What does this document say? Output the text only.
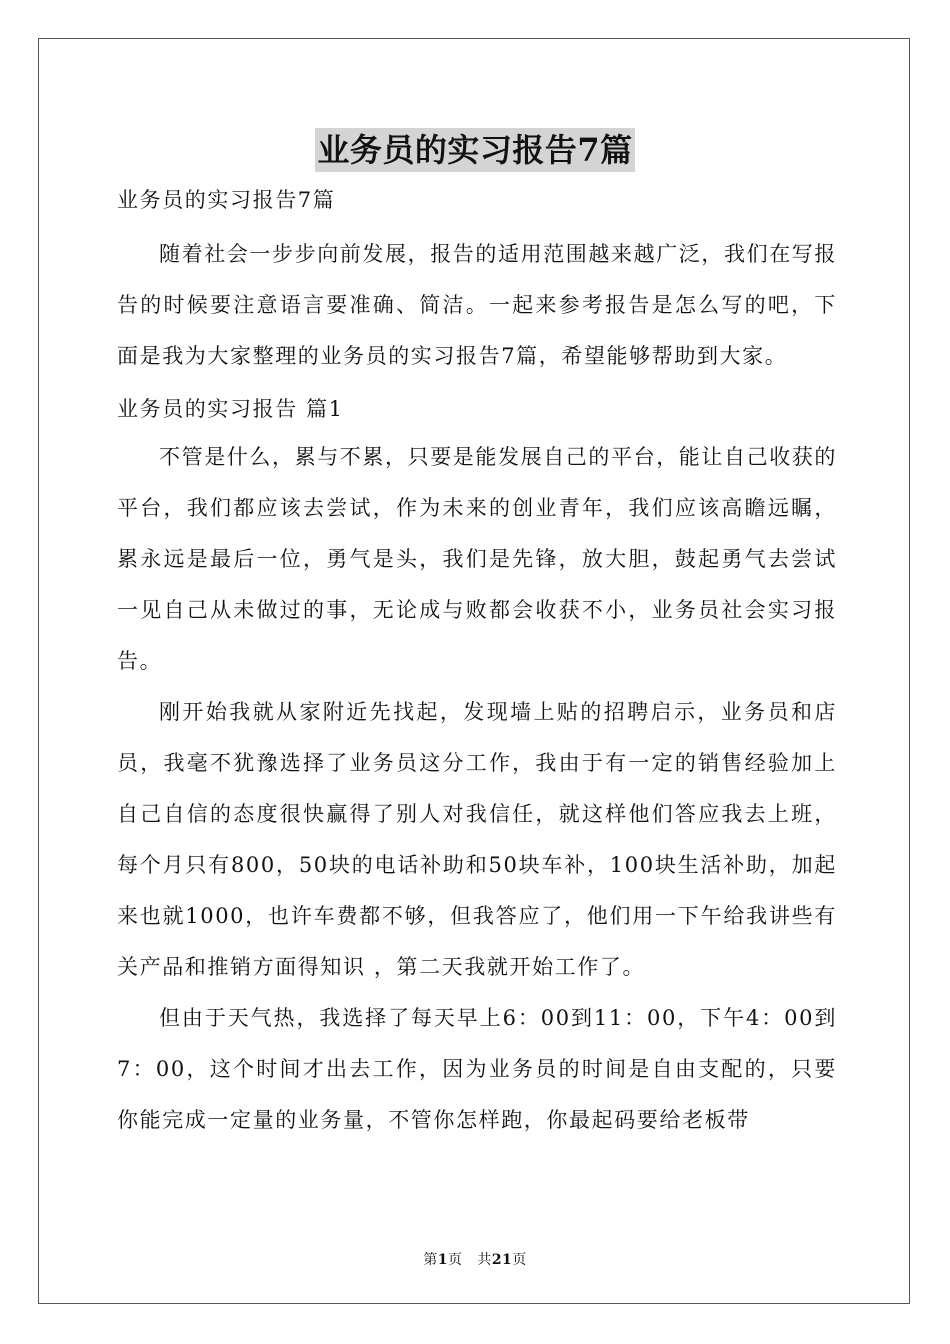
业务员的实习报告7篇

业务员的实习报告7篇

随着社会一步步向前发展，报告的适用范围越来越广泛，我们在写报告的时候要注意语言要准确、简洁。一起来参考报告是怎么写的吧，下面是我为大家整理的业务员的实习报告7篇，希望能够帮助到大家。

业务员的实习报告 篇1

不管是什么，累与不累，只要是能发展自己的平台，能让自己收获的平台，我们都应该去尝试，作为未来的创业青年，我们应该高瞻远瞩，累永远是最后一位，勇气是头，我们是先锋，放大胆，鼓起勇气去尝试一见自己从未做过的事，无论成与败都会收获不小，业务员社会实习报告。

刚开始我就从家附近先找起，发现墙上贴的招聘启示，业务员和店员，我毫不犹豫选择了业务员这分工作，我由于有一定的销售经验加上自己自信的态度很快赢得了别人对我信任，就这样他们答应我去上班，每个月只有800，50块的电话补助和50块车补，100块生活补助，加起来也就1000，也许车费都不够，但我答应了，他们用一下午给我讲些有关产品和推销方面得知识 ，第二天我就开始工作了。

但由于天气热，我选择了每天早上6：00到11：00，下午4：00到7：00，这个时间才出去工作，因为业务员的时间是自由支配的，只要你能完成一定量的业务量，不管你怎样跑，你最起码要给老板带

第1页 共21页
